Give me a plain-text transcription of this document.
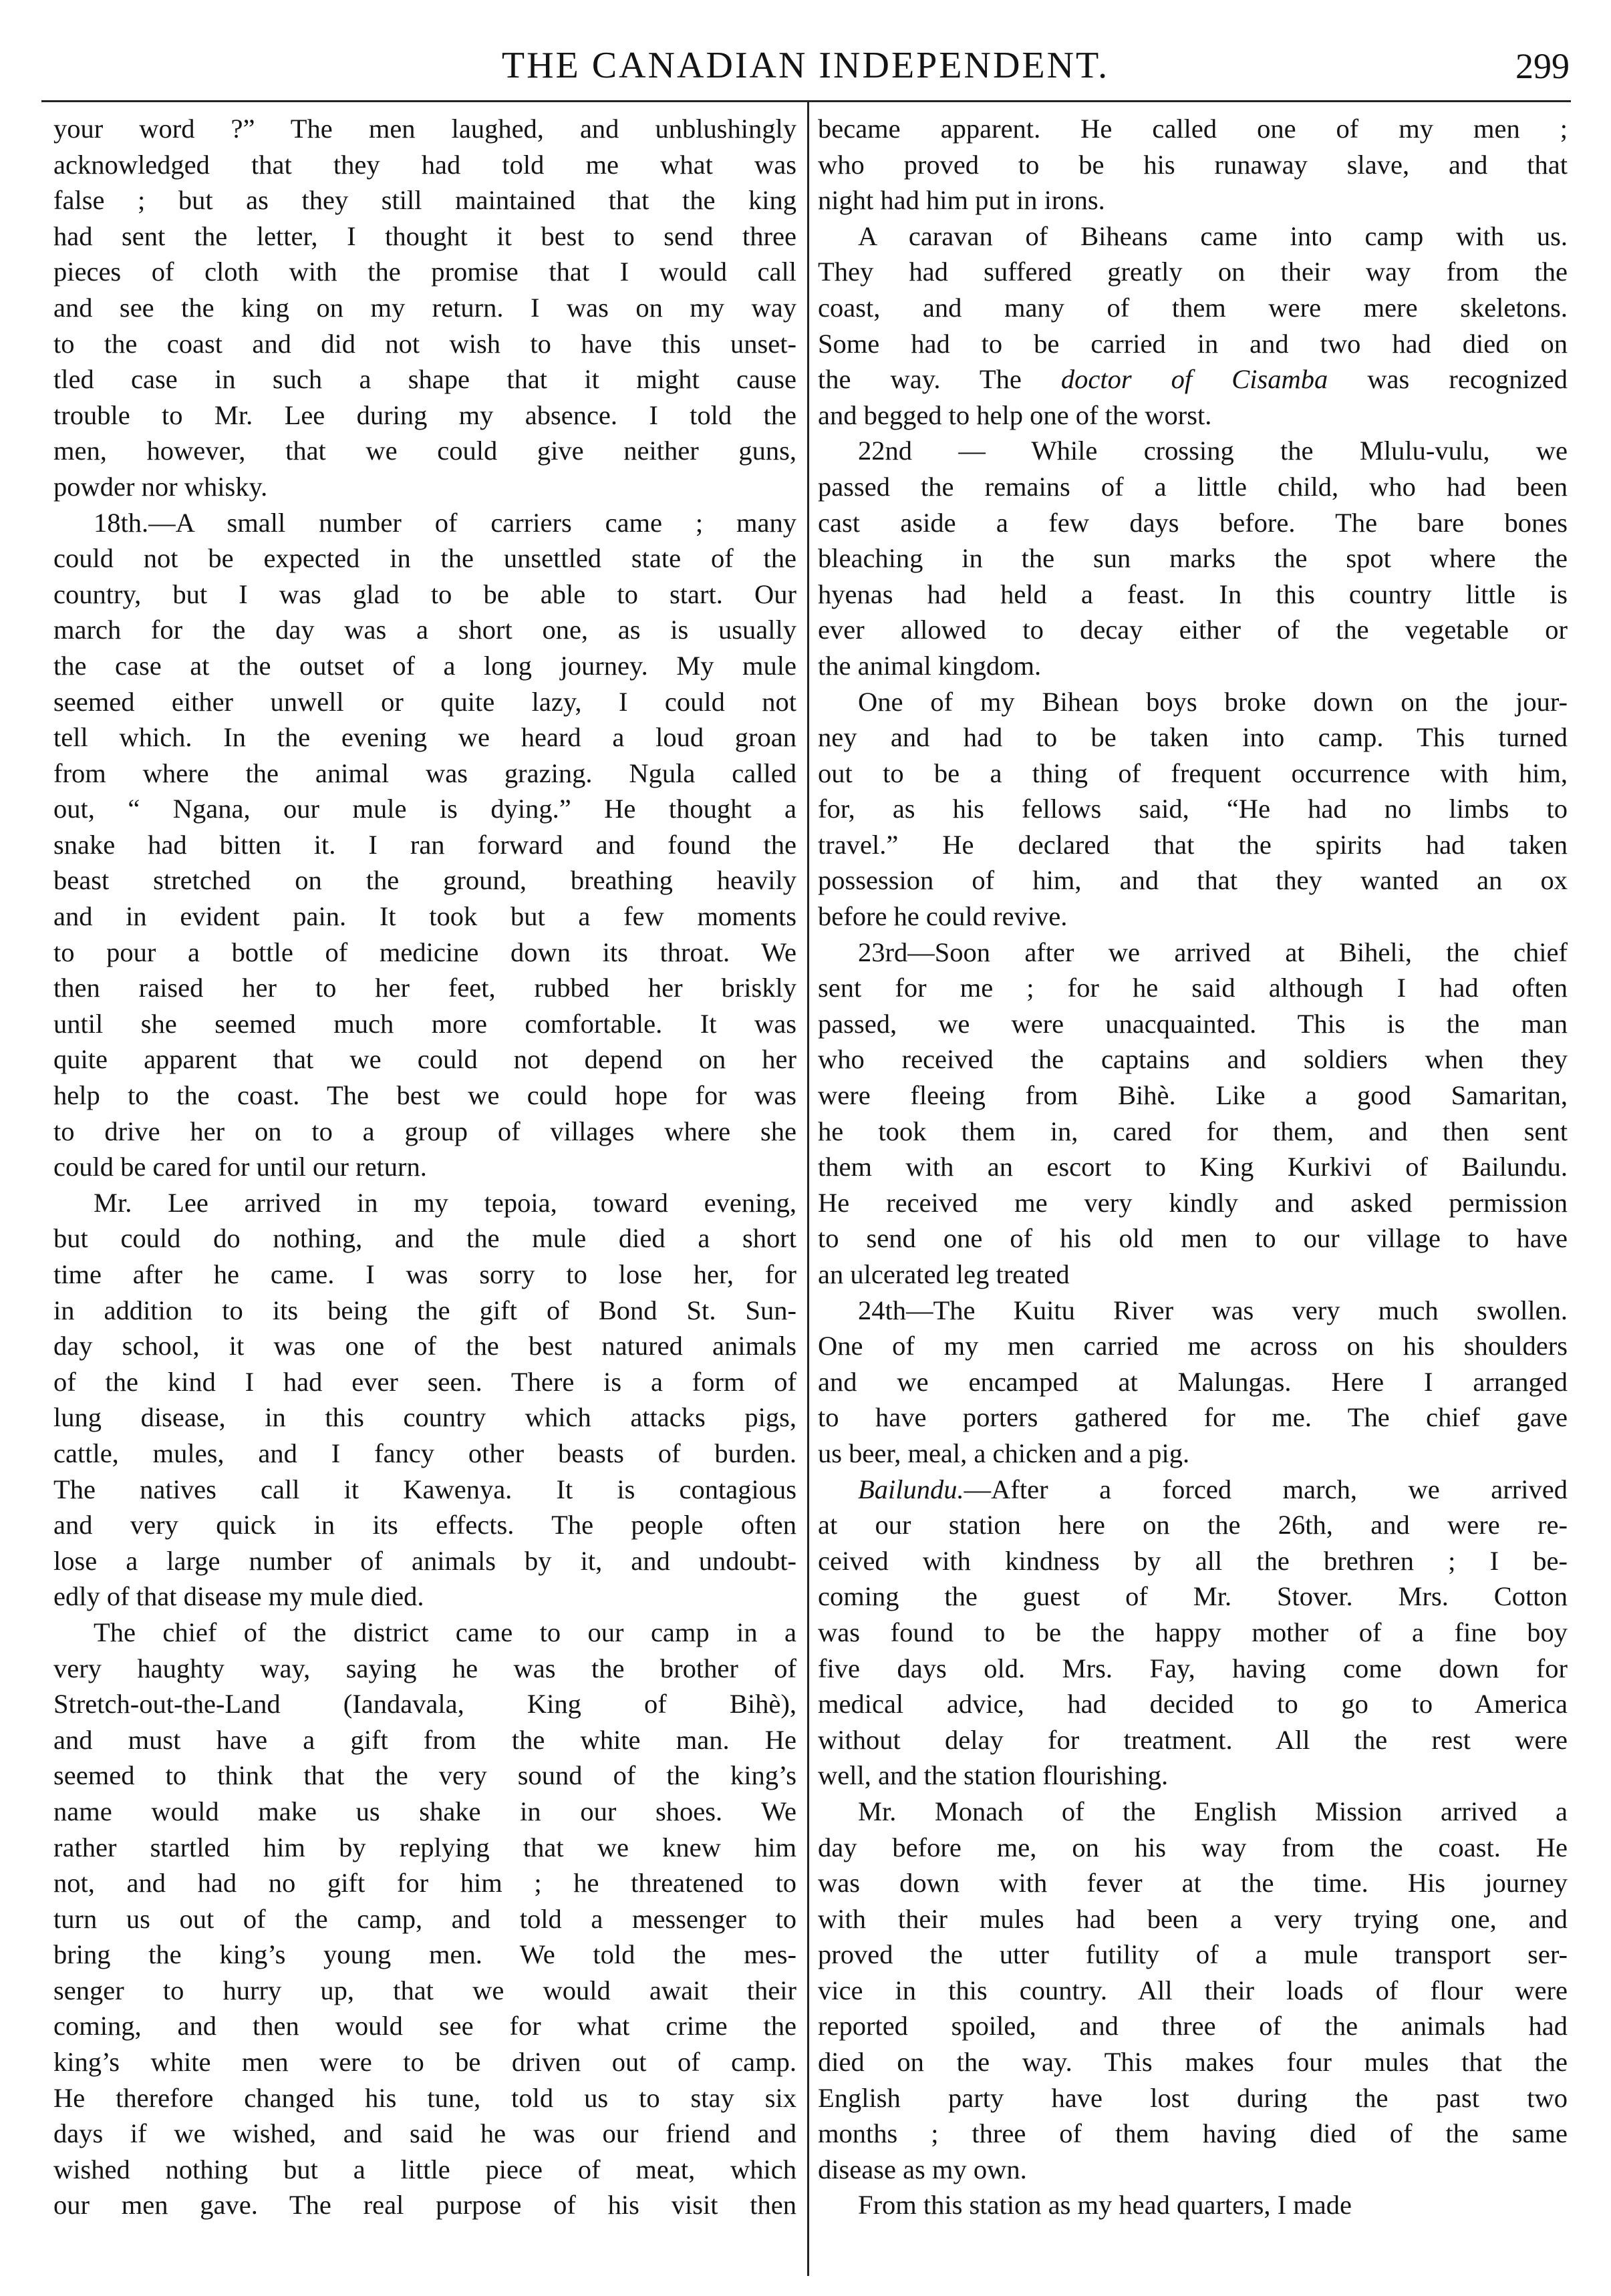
THE CANADIAN INDEPENDENT.	299
your word ?” The men laughed, and unblushingly
acknowledged that they had told me what was
false ; but as they still maintained that the king
had sent the letter, I thought it best to send three
pieces of cloth with the promise that I would call
and see the king on my return. I was on my way
to the coast and did not wish to have this unset-
tled case in such a shape that it might cause
trouble to Mr. Lee during my absence. I told the
men, however, that we could give neither guns,
powder nor whisky.
18th.—A small number of carriers came ; many
could not be expected in the unsettled state of the
country, but I was glad to be able to start. Our
march for the day was a short one, as is usually
the case at the outset of a long journey. My mule
seemed either unwell or quite lazy, I could not
tell which. In the evening we heard a loud groan
from where the animal was grazing. Ngula called
out, “ Ngana, our mule is dying.” He thought a
snake had bitten it. I ran forward and found the
beast stretched on the ground, breathing heavily
and in evident pain. It took but a few moments
to pour a bottle of medicine down its throat. We
then raised her to her feet, rubbed her briskly
until she seemed much more comfortable. It was
quite apparent that we could not depend on her
help to the coast. The best we could hope for was
to drive her on to a group of villages where she
could be cared for until our return.
Mr. Lee arrived in my tepoia, toward evening,
but could do nothing, and the mule died a short
time after he came. I was sorry to lose her, for
in addition to its being the gift of Bond St. Sun-
day school, it was one of the best natured animals
of the kind I had ever seen. There is a form of
lung disease, in this country which attacks pigs,
cattle, mules, and I fancy other beasts of burden.
The natives call it Kawenya. It is contagious
and very quick in its effects. The people often
lose a large number of animals by it, and undoubt-
edly of that disease my mule died.
The chief of the district came to our camp in a
very haughty way, saying he was the brother of
Stretch-out-the-Land (Iandavala, King of Bihè),
and must have a gift from the white man. He
seemed to think that the very sound of the king’s
name would make us shake in our shoes. We
rather startled him by replying that we knew him
not, and had no gift for him ; he threatened to
turn us out of the camp, and told a messenger to
bring the king’s young men. We told the mes-
senger to hurry up, that we would await their
coming, and then would see for what crime the
king’s white men were to be driven out of camp.
He therefore changed his tune, told us to stay six
days if we wished, and said he was our friend and
wished nothing but a little piece of meat, which
our men gave. The real purpose of his visit then
became apparent. He called one of my men ;
who proved to be his runaway slave, and that
night had him put in irons.
A caravan of Biheans came into camp with us.
They had suffered greatly on their way from the
coast, and many of them were mere skeletons.
Some had to be carried in and two had died on
the way. The doctor of Cisamba was recognized
and begged to help one of the worst.
22nd — While crossing the Mlulu-vulu, we
passed the remains of a little child, who had been
cast aside a few days before. The bare bones
bleaching in the sun marks the spot where the
hyenas had held a feast. In this country little is
ever allowed to decay either of the vegetable or
the animal kingdom.
One of my Bihean boys broke down on the jour-
ney and had to be taken into camp. This turned
out to be a thing of frequent occurrence with him,
for, as his fellows said, “He had no limbs to
travel.” He declared that the spirits had taken
possession of him, and that they wanted an ox
before he could revive.
23rd—Soon after we arrived at Biheli, the chief
sent for me ; for he said although I had often
passed, we were unacquainted. This is the man
who received the captains and soldiers when they
were fleeing from Bihè. Like a good Samaritan,
he took them in, cared for them, and then sent
them with an escort to King Kurkivi of Bailundu.
He received me very kindly and asked permission
to send one of his old men to our village to have
an ulcerated leg treated
24th—The Kuitu River was very much swollen.
One of my men carried me across on his shoulders
and we encamped at Malungas. Here I arranged
to have porters gathered for me. The chief gave
us beer, meal, a chicken and a pig.
Bailundu.—After a forced march, we arrived
at our station here on the 26th, and were re-
ceived with kindness by all the brethren ; I be-
coming the guest of Mr. Stover. Mrs. Cotton
was found to be the happy mother of a fine boy
five days old. Mrs. Fay, having come down for
medical advice, had decided to go to America
without delay for treatment. All the rest were
well, and the station flourishing.
Mr. Monach of the English Mission arrived a
day before me, on his way from the coast. He
was down with fever at the time. His journey
with their mules had been a very trying one, and
proved the utter futility of a mule transport ser-
vice in this country. All their loads of flour were
reported spoiled, and three of the animals had
died on the way. This makes four mules that the
English party have lost during the past two
months ; three of them having died of the same
disease as my own.
From this station as my head quarters, I made
